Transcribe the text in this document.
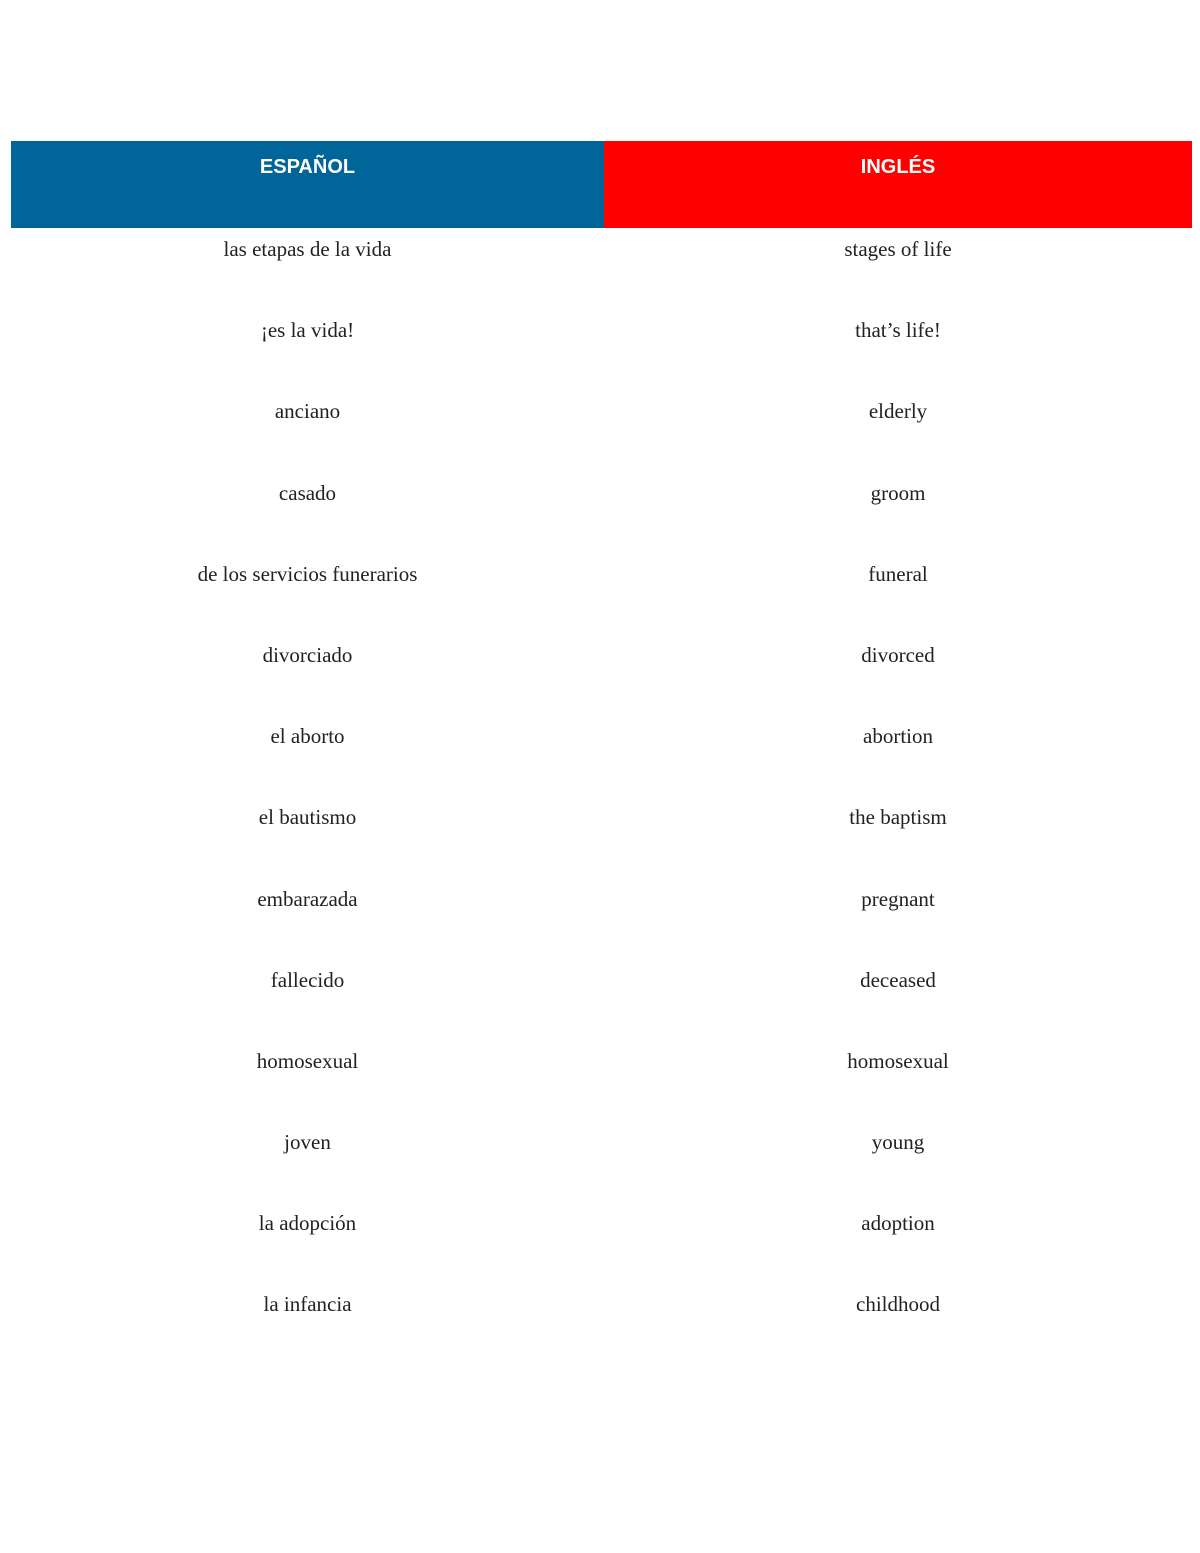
ESPAÑOL	INGLÉS
las etapas de la vida	stages of life
¡es la vida!	that’s life!
anciano	elderly
casado	groom
de los servicios funerarios	funeral
divorciado	divorced
el aborto	abortion
el bautismo	the baptism
embarazada	pregnant
fallecido	deceased
homosexual	homosexual
joven	young
la adopción	adoption
la infancia	childhood
